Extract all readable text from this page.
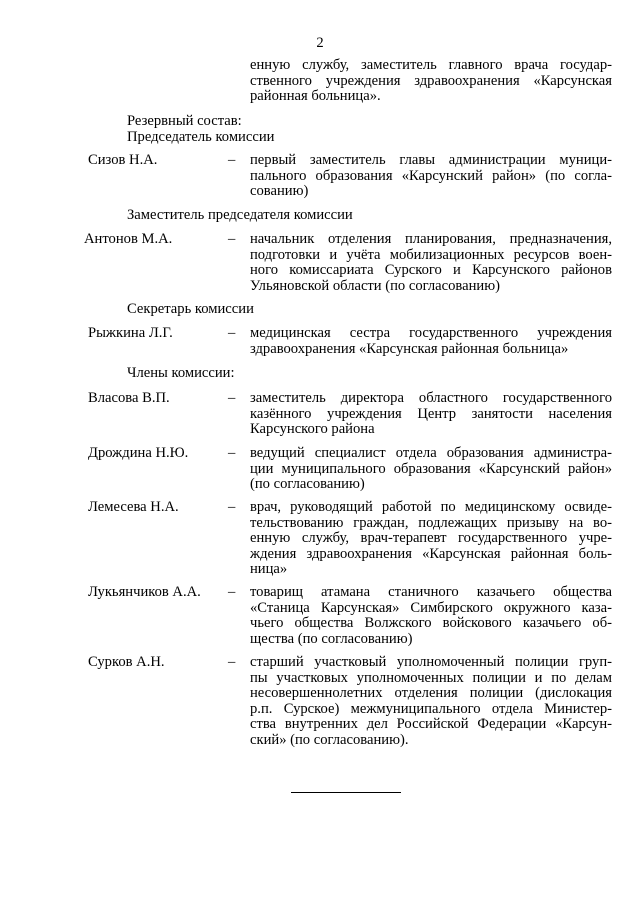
2
енную службу, заместитель главного врача государ-
ственного учреждения здравоохранения «Карсунская
районная больница».
Резервный состав:
Председатель комиссии
Сизов Н.А.	– первый заместитель главы администрации муници-
пального образования «Карсунский район» (по согла-
сованию)
Заместитель председателя комиссии
Антонов М.А.	– начальник отделения планирования, предназначения,
подготовки и учёта мобилизационных ресурсов воен-
ного комиссариата Сурского и Карсунского районов
Ульяновской области (по согласованию)
Секретарь комиссии
Рыжкина Л.Г.	– медицинская сестра государственного учреждения
здравоохранения «Карсунская районная больница»
Члены комиссии:
Власова В.П.	– заместитель директора областного государственного
казённого учреждения Центр занятости населения
Карсунского района
Дрождина Н.Ю.	– ведущий специалист отдела образования администра-
ции муниципального образования «Карсунский район»
(по согласованию)
Лемесева Н.А.	– врач, руководящий работой по медицинскому освиде-
тельствованию граждан, подлежащих призыву на во-
енную службу, врач-терапевт государственного учре-
ждения здравоохранения «Карсунская районная боль-
ница»
Лукьянчиков А.А. – товарищ атамана станичного казачьего общества
«Станица Карсунская» Симбирского окружного каза-
чьего общества Волжского войскового казачьего об-
щества (по согласованию)
Сурков А.Н.	– старший участковый уполномоченный полиции груп-
пы участковых уполномоченных полиции и по делам
несовершеннолетних отделения полиции (дислокация
р.п. Сурское) межмуниципального отдела Министер-
ства внутренних дел Российской Федерации «Карсун-
ский» (по согласованию).
